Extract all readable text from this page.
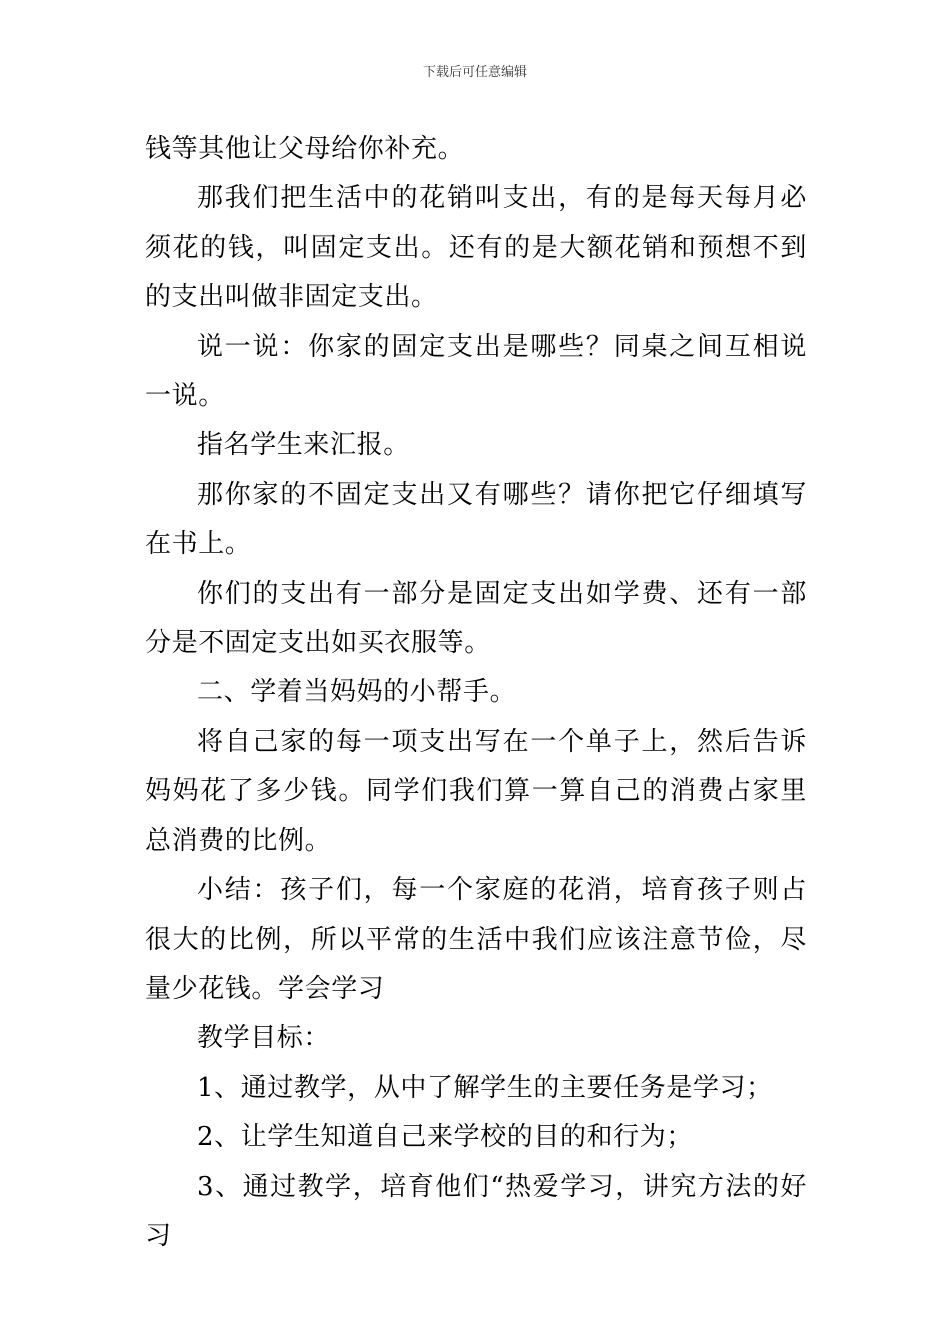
下载后可任意编辑

钱等其他让父母给你补充。

那我们把生活中的花销叫支出，有的是每天每月必须花的钱，叫固定支出。还有的是大额花销和预想不到的支出叫做非固定支出。

说一说：你家的固定支出是哪些？同桌之间互相说一说。

指名学生来汇报。

那你家的不固定支出又有哪些？请你把它仔细填写在书上。

你们的支出有一部分是固定支出如学费、还有一部分是不固定支出如买衣服等。

二、学着当妈妈的小帮手。

将自己家的每一项支出写在一个单子上，然后告诉妈妈花了多少钱。同学们我们算一算自己的消费占家里总消费的比例。

小结：孩子们，每一个家庭的花消，培育孩子则占很大的比例，所以平常的生活中我们应该注意节俭，尽量少花钱。学会学习

教学目标：

1、通过教学，从中了解学生的主要任务是学习；

2、让学生知道自己来学校的目的和行为；

3、通过教学，培育他们“热爱学习，讲究方法的好习
